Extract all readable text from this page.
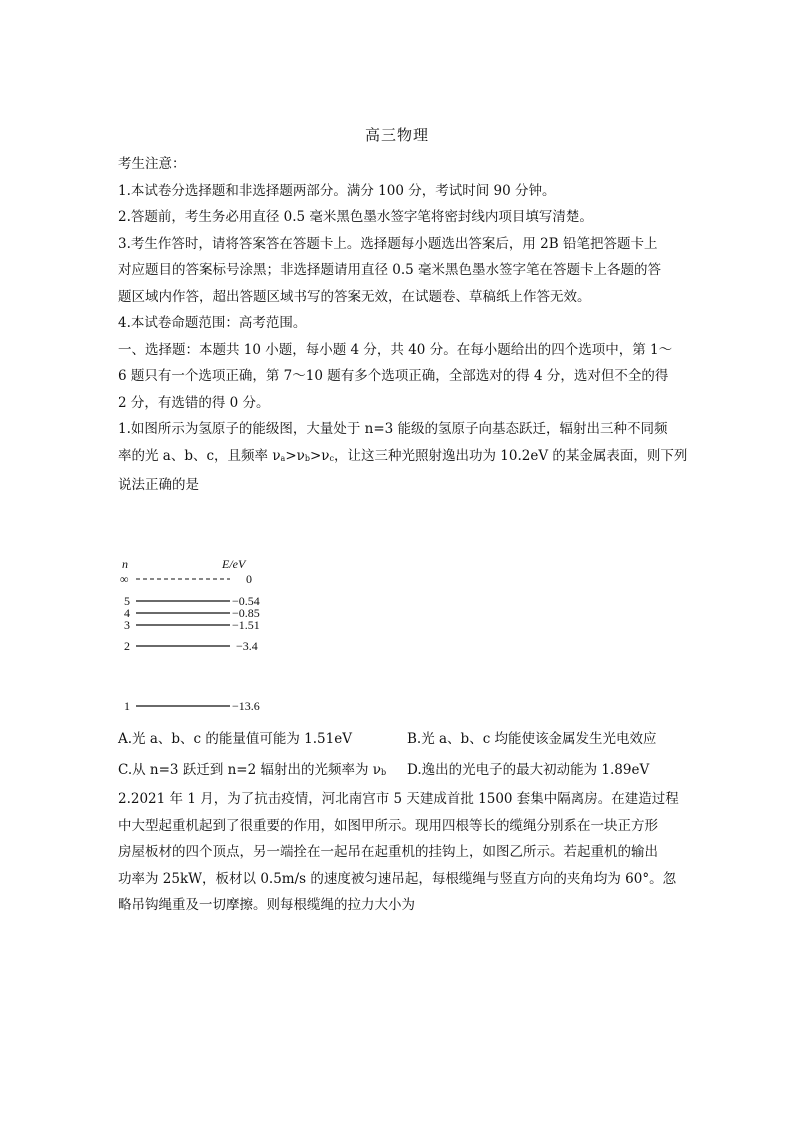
高三物理

考生注意：

1.本试卷分选择题和非选择题两部分。满分 100 分，考试时间 90 分钟。

2.答题前，考生务必用直径 0.5 毫米黑色墨水签字笔将密封线内项目填写清楚。

3.考生作答时，请将答案答在答题卡上。选择题每小题选出答案后，用 2B 铅笔把答题卡上

对应题目的答案标号涂黑；非选择题请用直径 0.5 毫米黑色墨水签字笔在答题卡上各题的答

题区域内作答，超出答题区域书写的答案无效，在试题卷、草稿纸上作答无效。

4.本试卷命题范围：高考范围。

一、选择题：本题共 10 小题，每小题 4 分，共 40 分。在每小题给出的四个选项中，第 1～

6 题只有一个选项正确，第 7～10 题有多个选项正确，全部选对的得 4 分，选对但不全的得

2 分，有选错的得 0 分。

1.如图所示为氢原子的能级图，大量处于 n=3 能级的氢原子向基态跃迁，辐射出三种不同频

率的光 a、b、c，且频率 $\nu_a>\nu_b>\nu_c$，让这三种光照射逸出功为 10.2eV 的某金属表面，则下列

说法正确的是

n	E/eV
∞	0
5	−0.54
4	−0.85
3	−1.51
2	−3.4
1	−13.6
A.光 a、b、c 的能量值可能为 1.51eV	B.光 a、b、c 均能使该金属发生光电效应
C.从 n=3 跃迁到 n=2 辐射出的光频率为 $\nu_b$ D.逸出的光电子的最大初动能为 1.89eV

2.2021 年 1 月，为了抗击疫情，河北南宫市 5 天建成首批 1500 套集中隔离房。在建造过程

中大型起重机起到了很重要的作用，如图甲所示。现用四根等长的缆绳分别系在一块正方形

房屋板材的四个顶点，另一端拴在一起吊在起重机的挂钩上，如图乙所示。若起重机的输出

功率为 25kW，板材以 0.5m/s 的速度被匀速吊起，每根缆绳与竖直方向的夹角均为 60°。忽

略吊钩绳重及一切摩擦。则每根缆绳的拉力大小为
